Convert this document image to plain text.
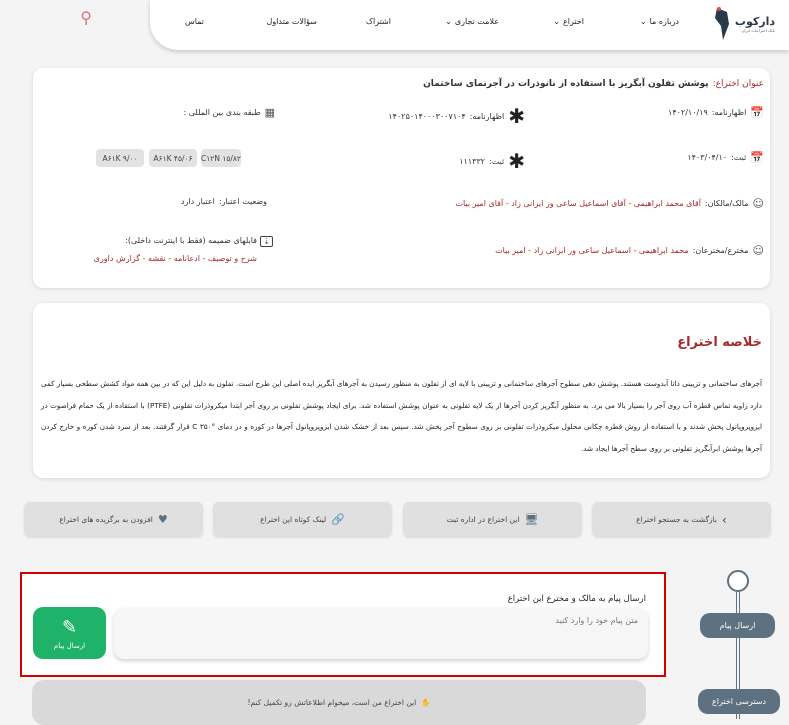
⚲	داركوب
بانک اختراعات ایران
درباره ما
⌄
اختراع
⌄
علامت تجاری
⌄
اشتراک
سؤالات متداول
تماس
عنوان اختراع:
پوشش تفلون آبگریز با استفاده از نانوذرات در آجرنمای ساختمان
📅
اظهارنامه:
۱۴۰۲/۱۰/۱۹
✱
اظهارنامه:
۱۴۰۲۵۰۱۴۰۰۰۳۰۰۷۱۰۴
▦
طبقه بندی بین المللی :
📅
ثبت:
۱۴۰۳/۰۴/۱۰
✱
ثبت:
۱۱۱۳۳۲
C۱۲N ۱۵/۸۲
A۶۱K ۴۵/۰۶
A۶۱K ۹/۰۰
☺
مالک/مالکان:
آقای محمد ابراهیمی - آقای اسماعیل ساعی ور ایرانی زاد - آقای امیر بیات
وضعیت اعتبار:
اعتبار دارد
☺
مخترع/مخترعان:
محمد ابراهیمی - اسماعیل ساعی ور ایرانی زاد - امیر بیات
⇣
فایلهای ضمیمه (فقط با اینترنت داخلی):
شرح و توصیف - ادعانامه - نقشه - گزارش داوری
خلاصه اختراع

آجرهای ساختمانی و تزیینی ذاتا آبدوست هستند. پوشش دهی سطوح آجرهای ساختمانی و تزیینی با لایه ای از تفلون به منظور رسیدن به آجرهای آبگریز ایده اصلی این طرح است. تفلون به دلیل این که در بین همه مواد کشش سطحی بسیار کمی دارد زاویه تماس قطره آب روی آجر را بسیار بالا می برد. به منظور آبگریز کردن آجرها از یک لایه تفلونی به عنوان پوشش استفاده شد. برای ایجاد پوشش تفلونی بر روی آجر ابتدا میکروذرات تفلونی (PTFE) با استفاده از یک حمام فراصوت در ایزوپروپانول پخش شدند و با استفاده از روش قطره چکانی محلول میکروذرات تفلونی بر روی سطوح آجر پخش شد. سپس بعد از خشک شدن ایزوپروپانول آجرها در کوره و در دمای °۳۵۰ C قرار گرفتند. بعد از سرد شدن کوره و خارج کردن آجرها پوشش ابرآبگریز تفلونی بر روی سطح آجرها ایجاد شد.

›
بازگشت به جستجو اختراع
🖥
این اختراع در اداره ثبت
🔗
لینک کوتاه این اختراع
♥
افزودن به برگزیده های اختراع
ارسال پیام به مالک و مخترع این اختراع
متن پیام خود را وارد کنید
✎
ارسال پیام
✋
این اختراع من است، میخوام اطلاعاتش رو تکمیل کنم!
ارسال پیام
دسترسی اختراع
